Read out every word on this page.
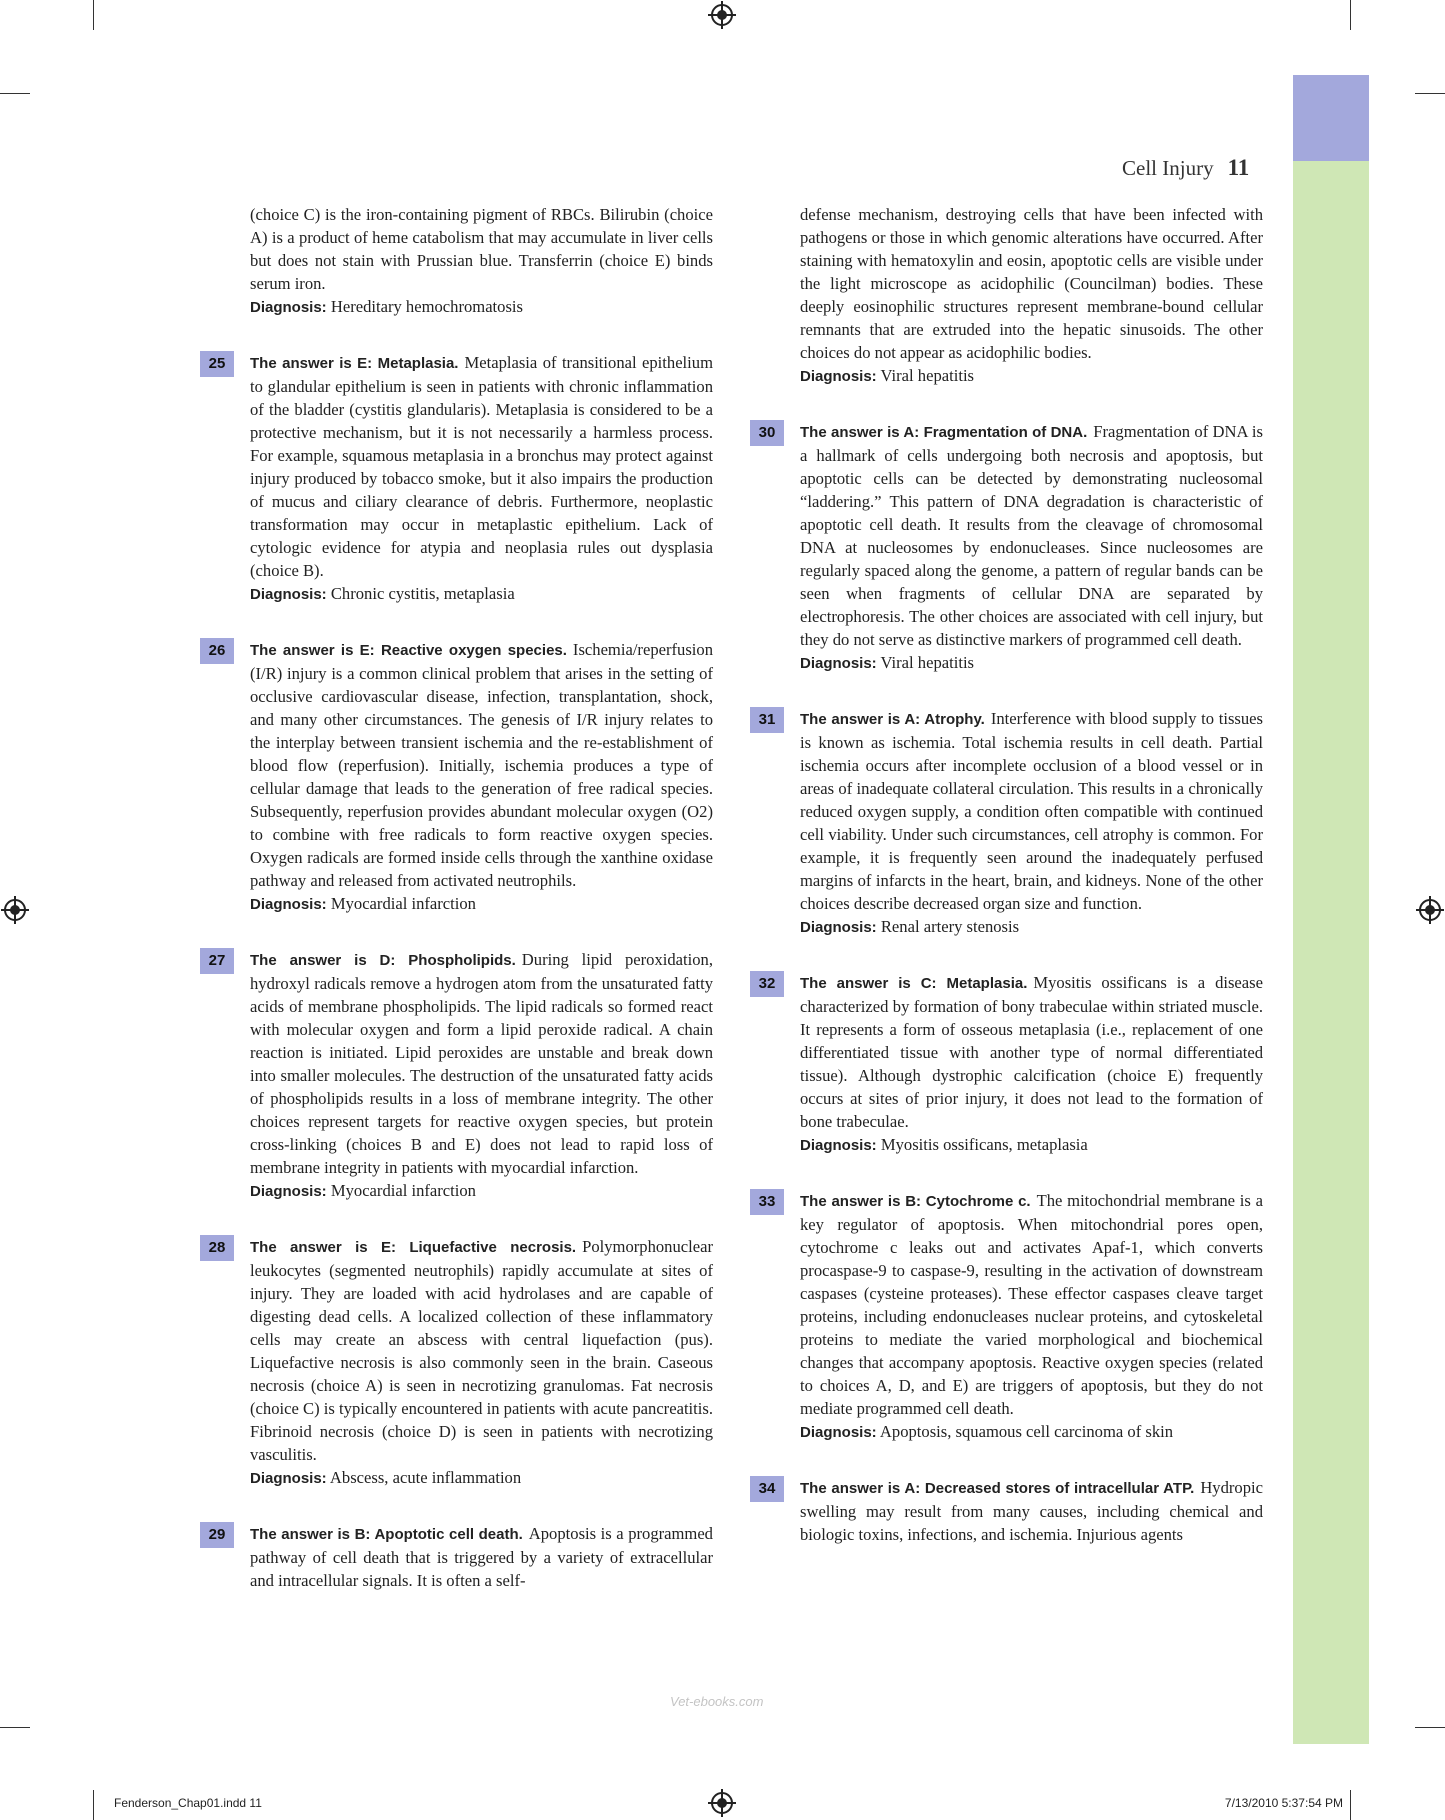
Cell Injury 11
(choice C) is the iron-containing pigment of RBCs. Bilirubin (choice A) is a product of heme catabolism that may accumulate in liver cells but does not stain with Prussian blue. Transferrin (choice E) binds serum iron.
Diagnosis: Hereditary hemochromatosis
25	The answer is E: Metaplasia. Metaplasia of transitional epithelium to glandular epithelium is seen in patients with chronic inflammation of the bladder (cystitis glandularis). Metaplasia is considered to be a protective mechanism, but it is not necessarily a harmless process. For example, squamous metaplasia in a bronchus may protect against injury produced by tobacco smoke, but it also impairs the production of mucus and ciliary clearance of debris. Furthermore, neoplastic transformation may occur in metaplastic epithelium. Lack of cytologic evidence for atypia and neoplasia rules out dysplasia (choice B).
Diagnosis: Chronic cystitis, metaplasia
26	The answer is E: Reactive oxygen species. Ischemia/reperfusion (I/R) injury is a common clinical problem that arises in the setting of occlusive cardiovascular disease, infection, transplantation, shock, and many other circumstances. The genesis of I/R injury relates to the interplay between transient ischemia and the re-establishment of blood flow (reperfusion). Initially, ischemia produces a type of cellular damage that leads to the generation of free radical species. Subsequently, reperfusion provides abundant molecular oxygen (O2) to combine with free radicals to form reactive oxygen species. Oxygen radicals are formed inside cells through the xanthine oxidase pathway and released from activated neutrophils.
Diagnosis: Myocardial infarction
27	The answer is D: Phospholipids. During lipid peroxidation, hydroxyl radicals remove a hydrogen atom from the unsaturated fatty acids of membrane phospholipids. The lipid radicals so formed react with molecular oxygen and form a lipid peroxide radical. A chain reaction is initiated. Lipid peroxides are unstable and break down into smaller molecules. The destruction of the unsaturated fatty acids of phospholipids results in a loss of membrane integrity. The other choices represent targets for reactive oxygen species, but protein cross-linking (choices B and E) does not lead to rapid loss of membrane integrity in patients with myocardial infarction.
Diagnosis: Myocardial infarction
28	The answer is E: Liquefactive necrosis. Polymorphonuclear leukocytes (segmented neutrophils) rapidly accumulate at sites of injury. They are loaded with acid hydrolases and are capable of digesting dead cells. A localized collection of these inflammatory cells may create an abscess with central liquefaction (pus). Liquefactive necrosis is also commonly seen in the brain. Caseous necrosis (choice A) is seen in necrotizing granulomas. Fat necrosis (choice C) is typically encountered in patients with acute pancreatitis. Fibrinoid necrosis (choice D) is seen in patients with necrotizing vasculitis.
Diagnosis: Abscess, acute inflammation
29	The answer is B: Apoptotic cell death. Apoptosis is a programmed pathway of cell death that is triggered by a variety of extracellular and intracellular signals. It is often a self-
defense mechanism, destroying cells that have been infected with pathogens or those in which genomic alterations have occurred. After staining with hematoxylin and eosin, apoptotic cells are visible under the light microscope as acidophilic (Councilman) bodies. These deeply eosinophilic structures represent membrane-bound cellular remnants that are extruded into the hepatic sinusoids. The other choices do not appear as acidophilic bodies.
Diagnosis: Viral hepatitis
30	The answer is A: Fragmentation of DNA. Fragmentation of DNA is a hallmark of cells undergoing both necrosis and apoptosis, but apoptotic cells can be detected by demonstrating nucleosomal “laddering.” This pattern of DNA degradation is characteristic of apoptotic cell death. It results from the cleavage of chromosomal DNA at nucleosomes by endonucleases. Since nucleosomes are regularly spaced along the genome, a pattern of regular bands can be seen when fragments of cellular DNA are separated by electrophoresis. The other choices are associated with cell injury, but they do not serve as distinctive markers of programmed cell death.
Diagnosis: Viral hepatitis
31	The answer is A: Atrophy. Interference with blood supply to tissues is known as ischemia. Total ischemia results in cell death. Partial ischemia occurs after incomplete occlusion of a blood vessel or in areas of inadequate collateral circulation. This results in a chronically reduced oxygen supply, a condition often compatible with continued cell viability. Under such circumstances, cell atrophy is common. For example, it is frequently seen around the inadequately perfused margins of infarcts in the heart, brain, and kidneys. None of the other choices describe decreased organ size and function.
Diagnosis: Renal artery stenosis
32	The answer is C: Metaplasia. Myositis ossificans is a disease characterized by formation of bony trabeculae within striated muscle. It represents a form of osseous metaplasia (i.e., replacement of one differentiated tissue with another type of normal differentiated tissue). Although dystrophic calcification (choice E) frequently occurs at sites of prior injury, it does not lead to the formation of bone trabeculae.
Diagnosis: Myositis ossificans, metaplasia
33	The answer is B: Cytochrome c. The mitochondrial membrane is a key regulator of apoptosis. When mitochondrial pores open, cytochrome c leaks out and activates Apaf-1, which converts procaspase-9 to caspase-9, resulting in the activation of downstream caspases (cysteine proteases). These effector caspases cleave target proteins, including endonucleases nuclear proteins, and cytoskeletal proteins to mediate the varied morphological and biochemical changes that accompany apoptosis. Reactive oxygen species (related to choices A, D, and E) are triggers of apoptosis, but they do not mediate programmed cell death.
Diagnosis: Apoptosis, squamous cell carcinoma of skin
34	The answer is A: Decreased stores of intracellular ATP. Hydropic swelling may result from many causes, including chemical and biologic toxins, infections, and ischemia. Injurious agents
Vet-ebooks.com
Fenderson_Chap01.indd 11	7/13/2010 5:37:54 PM
